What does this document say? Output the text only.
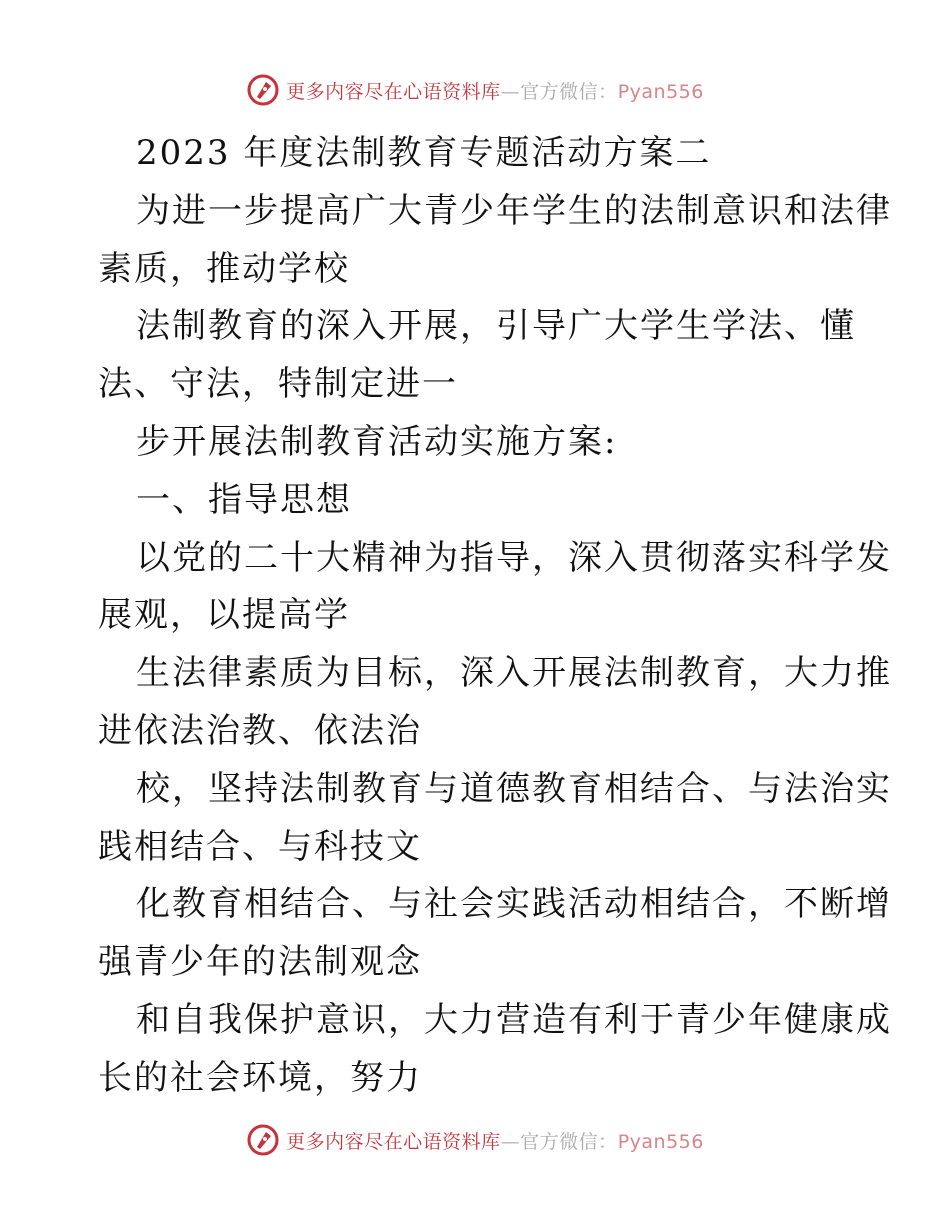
更多内容尽在心语资料库—官方微信：Pyan556
2023 年度法制教育专题活动方案二
为进一步提高广大青少年学生的法制意识和法律
素质，推动学校
法制教育的深入开展，引导广大学生学法、懂
法、守法，特制定进一
步开展法制教育活动实施方案:
一、指导思想
以党的二十大精神为指导，深入贯彻落实科学发
展观，以提高学
生法律素质为目标，深入开展法制教育，大力推
进依法治教、依法治
校，坚持法制教育与道德教育相结合、与法治实
践相结合、与科技文
化教育相结合、与社会实践活动相结合，不断增
强青少年的法制观念
和自我保护意识，大力营造有利于青少年健康成
长的社会环境，努力
更多内容尽在心语资料库—官方微信：Pyan556
